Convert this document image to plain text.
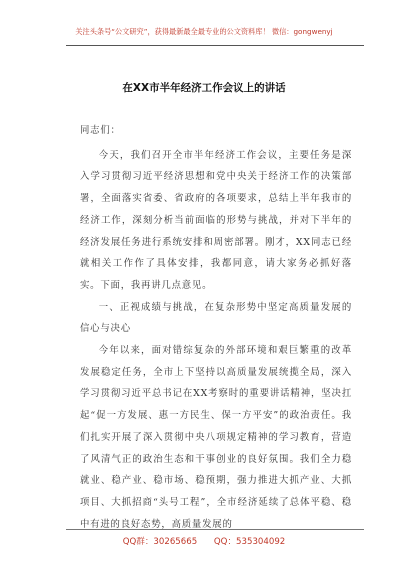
关注头条号“公文研究”，获得最新最全最专业的公文资料库！ 微信：gongwenyj
在XX市半年经济工作会议上的讲话

同志们：

今天，我们召开全市半年经济工作会议，主要任务是深入学习贯彻习近平经济思想和党中央关于经济工作的决策部署，全面落实省委、省政府的各项要求，总结上半年我市的经济工作，深刻分析当前面临的形势与挑战，并对下半年的经济发展任务进行系统安排和周密部署。刚才，XX同志已经就相关工作作了具体安排，我都同意，请大家务必抓好落实。下面，我再讲几点意见。

一、正视成绩与挑战，在复杂形势中坚定高质量发展的信心与决心

今年以来，面对错综复杂的外部环境和艰巨繁重的改革发展稳定任务，全市上下坚持以高质量发展统揽全局，深入学习贯彻习近平总书记在XX考察时的重要讲话精神，坚决扛起“促一方发展、惠一方民生、保一方平安”的政治责任。我们扎实开展了深入贯彻中央八项规定精神的学习教育，营造了风清气正的政治生态和干事创业的良好氛围。我们全力稳就业、稳产业、稳市场、稳预期，强力推进大抓产业、大抓项目、大抓招商“头号工程”，全市经济延续了总体平稳、稳中有进的良好态势，高质量发展的

QQ群：30265665 QQ：535304092
